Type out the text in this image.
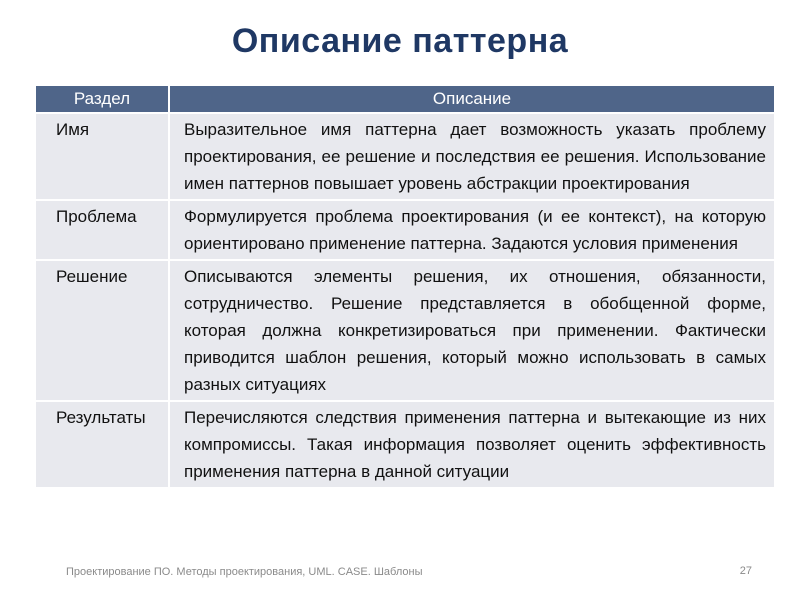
Описание паттерна
Раздел	Описание
Имя	Выразительное имя паттерна дает возможность указать проблему проектирования, ее решение и последствия ее решения. Использование имен паттернов повышает уровень абстракции проектирования
Проблема	Формулируется проблема проектирования (и ее контекст), на которую ориентировано применение паттерна. Задаются условия применения
Решение	Описываются элементы решения, их отношения, обязанности, сотрудничество. Решение представляется в обобщенной форме, которая должна конкретизироваться при применении. Фактически приводится шаблон решения, который можно использовать в самых разных ситуациях
Результаты	Перечисляются следствия применения паттерна и вытекающие из них компромиссы. Такая информация позволяет оценить эффективность применения паттерна в данной ситуации
Проектирование ПО. Методы проектирования, UML. CASE. Шаблоны	27
